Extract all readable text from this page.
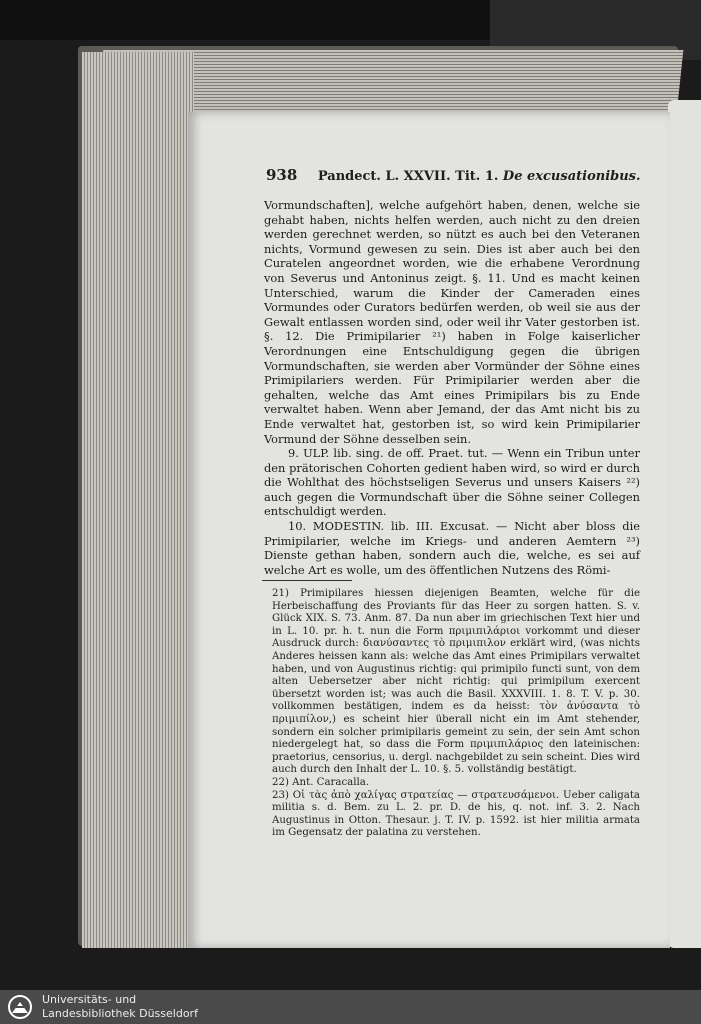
938 Pandect. L. XXVII. Tit. 1. De excusationibus.

Vormundschaften], welche aufgehört haben, denen, welche sie gehabt haben, nichts helfen werden, auch nicht zu den dreien werden gerechnet werden, so nützt es auch bei den Veteranen nichts, Vormund gewesen zu sein. Dies ist aber auch bei den Curatelen angeordnet worden, wie die erhabene Verordnung von Severus und Antoninus zeigt. §. 11. Und es macht keinen Unterschied, warum die Kinder der Cameraden eines Vormundes oder Curators bedürfen werden, ob weil sie aus der Gewalt entlassen worden sind, oder weil ihr Vater gestorben ist. §. 12. Die Primipilarier ²¹) haben in Folge kaiserlicher Verordnungen eine Entschuldigung gegen die übrigen Vormundschaften, sie werden aber Vormünder der Söhne eines Primipilariers werden. Für Primipilarier werden aber die gehalten, welche das Amt eines Primipilars bis zu Ende verwaltet haben. Wenn aber Jemand, der das Amt nicht bis zu Ende verwaltet hat, gestorben ist, so wird kein Primipilarier Vormund der Söhne desselben sein.

9. ULP. lib. sing. de off. Praet. tut. — Wenn ein Tribun unter den prätorischen Cohorten gedient haben wird, so wird er durch die Wohlthat des höchstseligen Severus und unsers Kaisers ²²) auch gegen die Vormundschaft über die Söhne seiner Collegen entschuldigt werden.

10. MODESTIN. lib. III. Excusat. — Nicht aber bloss die Primipilarier, welche im Kriegs- und anderen Aemtern ²³) Dienste gethan haben, sondern auch die, welche, es sei auf welche Art es wolle, um des öffentlichen Nutzens des Römi-

21) Primipilares hiessen diejenigen Beamten, welche für die Herbeischaffung des Proviants für das Heer zu sorgen hatten. S. v. Glück XIX. S. 73. Anm. 87. Da nun aber im griechischen Text hier und in L. 10. pr. h. t. nun die Form πριμιπιλάριοι vorkommt und dieser Ausdruck durch: διανύσαντες τὸ πριμιπιλον erklärt wird, (was nichts Anderes heissen kann als: welche das Amt eines Primipilars verwaltet haben, und von Augustinus richtig: qui primipilo functi sunt, von dem alten Uebersetzer aber nicht richtig: qui primipilum exercent übersetzt worden ist; was auch die Basil. XXXVIII. 1. 8. T. V. p. 30. vollkommen bestätigen, indem es da heisst: τὸν ἀνύσαντα τὸ πριμιπίλον,) es scheint hier überall nicht ein im Amt stehender, sondern ein solcher primipilaris gemeint zu sein, der sein Amt schon niedergelegt hat, so dass die Form πριμιπιλάριος den lateinischen: praetorius, censorius, u. dergl. nachgebildet zu sein scheint. Dies wird auch durch den Inhalt der L. 10. §. 5. vollständig bestätigt.

22) Ant. Caracalla.

23) Οἱ τὰς ἀπὸ χαλίγας στρατείας — στρατευσάμενοι. Ueber caligata militia s. d. Bem. zu L. 2. pr. D. de his, q. not. inf. 3. 2. Nach Augustinus in Otton. Thesaur. j. T. IV. p. 1592. ist hier militia armata im Gegensatz der palatina zu verstehen.

Universitäts- und
Landesbibliothek Düsseldorf
